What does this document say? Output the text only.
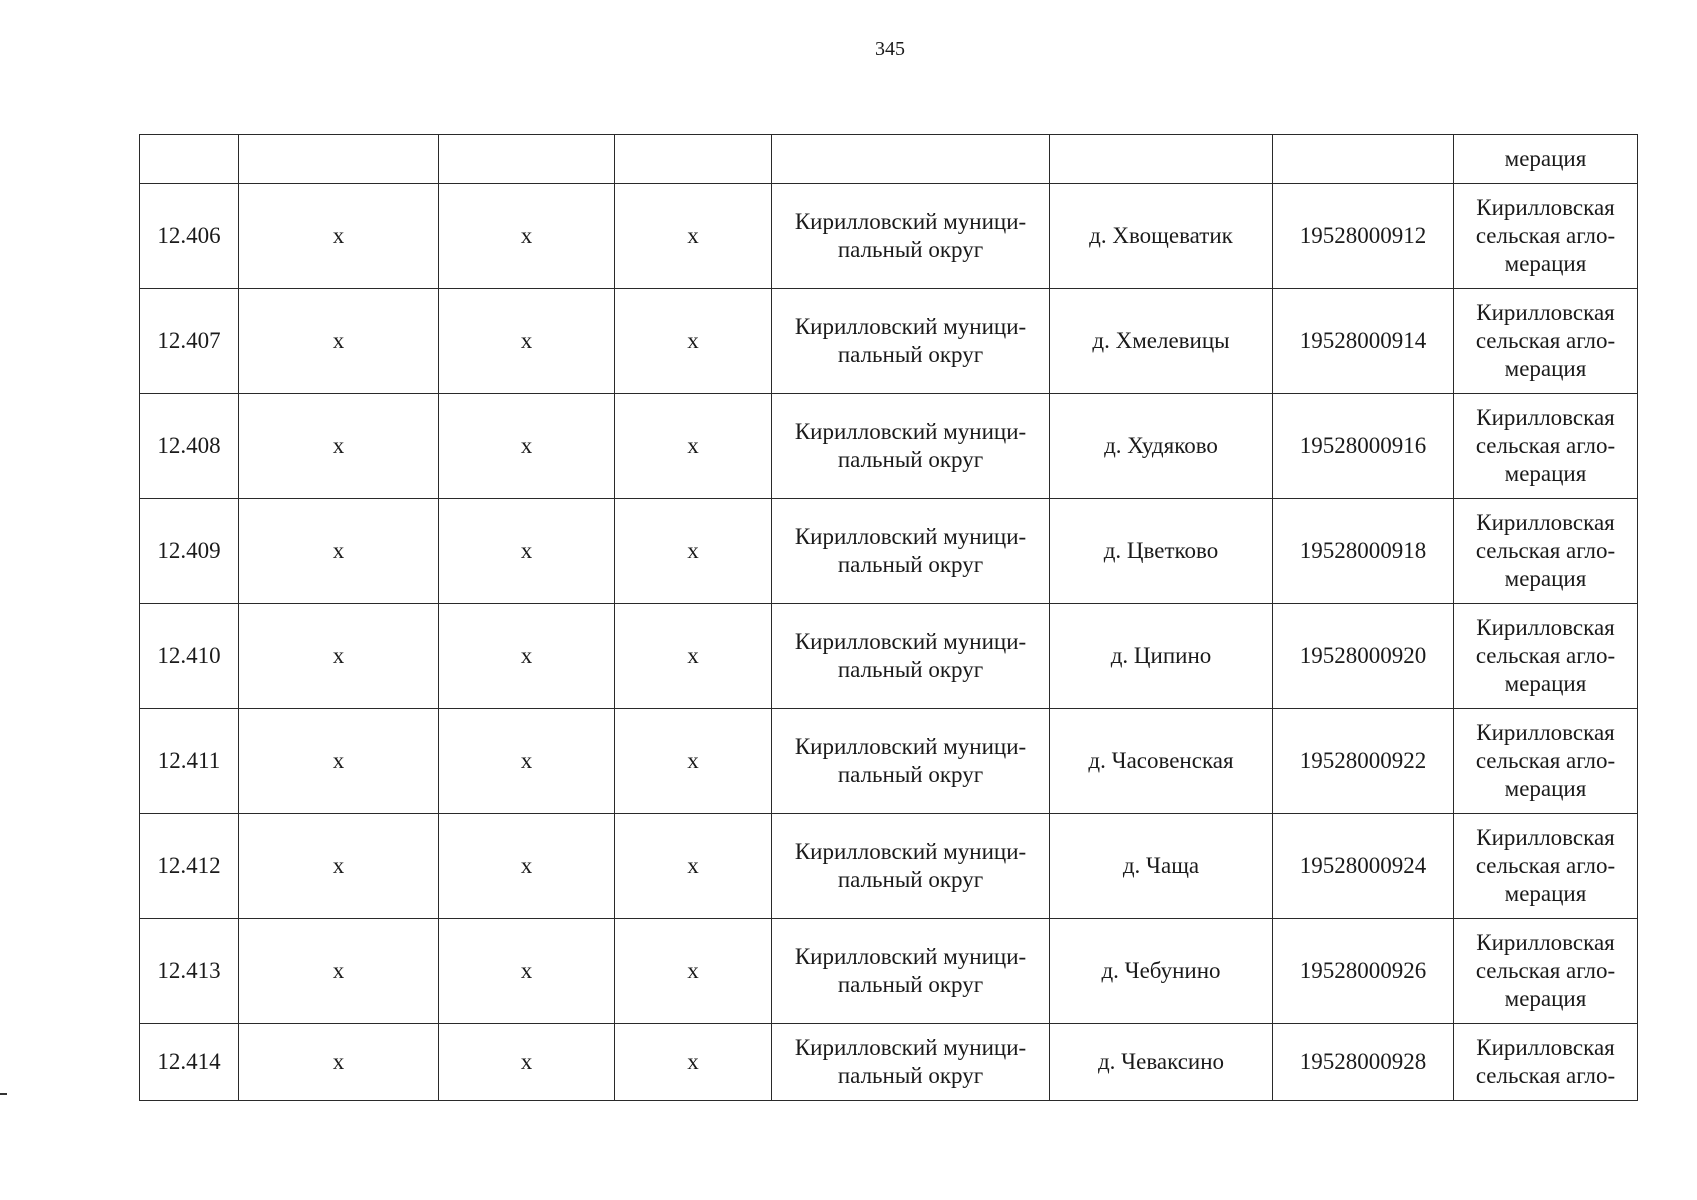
345
							мерация
12.406	х	х	х	Кирилловский муници-
пальный округ	д. Хвощеватик	19528000912	Кирилловская
сельская агло-
мерация
12.407	х	х	х	Кирилловский муници-
пальный округ	д. Хмелевицы	19528000914	Кирилловская
сельская агло-
мерация
12.408	х	х	х	Кирилловский муници-
пальный округ	д. Худяково	19528000916	Кирилловская
сельская агло-
мерация
12.409	х	х	х	Кирилловский муници-
пальный округ	д. Цветково	19528000918	Кирилловская
сельская агло-
мерация
12.410	х	х	х	Кирилловский муници-
пальный округ	д. Ципино	19528000920	Кирилловская
сельская агло-
мерация
12.411	х	х	х	Кирилловский муници-
пальный округ	д. Часовенская	19528000922	Кирилловская
сельская агло-
мерация
12.412	х	х	х	Кирилловский муници-
пальный округ	д. Чаща	19528000924	Кирилловская
сельская агло-
мерация
12.413	х	х	х	Кирилловский муници-
пальный округ	д. Чебунино	19528000926	Кирилловская
сельская агло-
мерация
12.414	х	х	х	Кирилловский муници-
пальный округ	д. Чеваксино	19528000928	Кирилловская
сельская агло-
